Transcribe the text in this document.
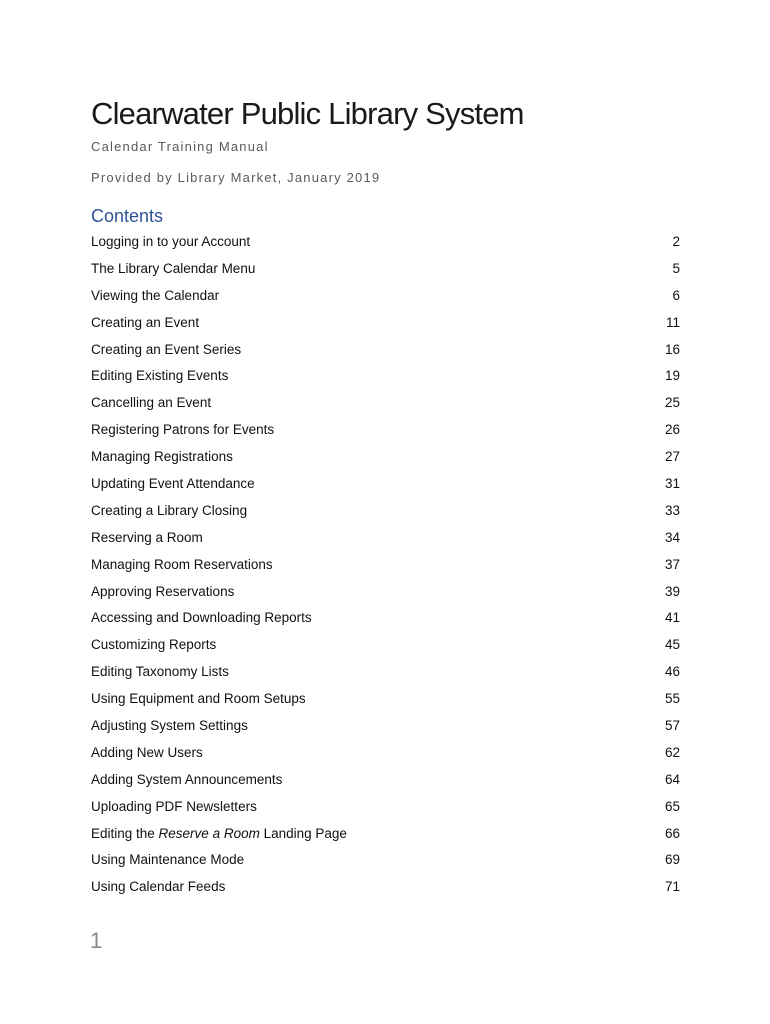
Clearwater Public Library System
Calendar Training Manual
Provided by Library Market, January 2019
Contents
Logging in to your Account	2
The Library Calendar Menu	5
Viewing the Calendar	6
Creating an Event	11
Creating an Event Series	16
Editing Existing Events	19
Cancelling an Event	25
Registering Patrons for Events	26
Managing Registrations	27
Updating Event Attendance	31
Creating a Library Closing	33
Reserving a Room	34
Managing Room Reservations	37
Approving Reservations	39
Accessing and Downloading Reports	41
Customizing Reports	45
Editing Taxonomy Lists	46
Using Equipment and Room Setups	55
Adjusting System Settings	57
Adding New Users	62
Adding System Announcements	64
Uploading PDF Newsletters	65
Editing the Reserve a Room Landing Page	66
Using Maintenance Mode	69
Using Calendar Feeds	71
1
